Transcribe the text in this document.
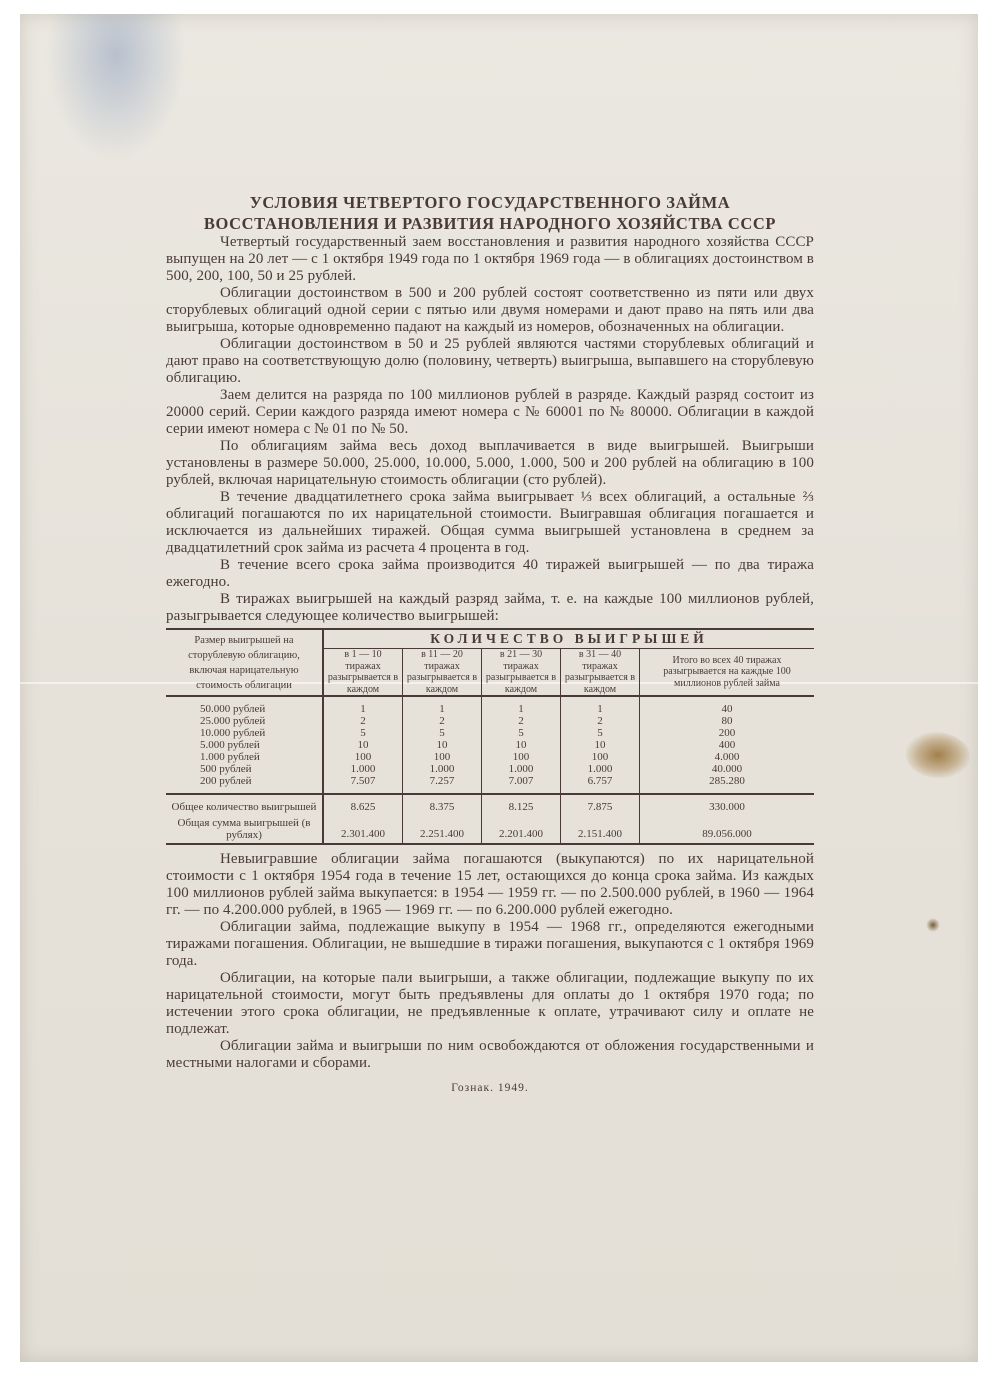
УСЛОВИЯ ЧЕТВЕРТОГО ГОСУДАРСТВЕННОГО ЗАЙМА
ВОССТАНОВЛЕНИЯ И РАЗВИТИЯ НАРОДНОГО ХОЗЯЙСТВА СССР

Четвертый государственный заем восстановления и развития народного хозяйства СССР выпущен на 20 лет — с 1 октября 1949 года по 1 октября 1969 года — в облигациях достоинством в 500, 200, 100, 50 и 25 рублей.

Облигации достоинством в 500 и 200 рублей состоят соответственно из пяти или двух сторублевых облигаций одной серии с пятью или двумя номерами и дают право на пять или два выигрыша, которые одновременно падают на каждый из номеров, обозначенных на облигации.

Облигации достоинством в 50 и 25 рублей являются частями сторублевых облигаций и дают право на соответствующую долю (половину, четверть) выигрыша, выпавшего на сторублевую облигацию.

Заем делится на разряда по 100 миллионов рублей в разряде. Каждый разряд состоит из 20000 серий. Серии каждого разряда имеют номера с № 60001 по № 80000. Облигации в каждой серии имеют номера с № 01 по № 50.

По облигациям займа весь доход выплачивается в виде выигрышей. Выигрыши установлены в размере 50.000, 25.000, 10.000, 5.000, 1.000, 500 и 200 рублей на облигацию в 100 рублей, включая нарицательную стоимость облигации (сто рублей).

В течение двадцатилетнего срока займа выигрывает ⅓ всех облигаций, а остальные ⅔ облигаций погашаются по их нарицательной стоимости. Выигравшая облигация погашается и исключается из дальнейших тиражей. Общая сумма выигрышей установлена в среднем за двадцатилетний срок займа из расчета 4 процента в год.

В течение всего срока займа производится 40 тиражей выигрышей — по два тиража ежегодно.

В тиражах выигрышей на каждый разряд займа, т. е. на каждые 100 миллионов рублей, разыгрывается следующее количество выигрышей:

Размер выигрышей на сторублевую облигацию, включая нарицательную стоимость облигации	КОЛИЧЕСТВО ВЫИГРЫШЕЙ				
	в 1 — 10 тиражах разыгрывается в каждом	в 11 — 20 тиражах разыгрывается в каждом	в 21 — 30 тиражах разыгрывается в каждом	в 31 — 40 тиражах разыгрывается в каждом	Итого во всех 40 тиражах разыгрывается на каждые 100 миллионов рублей займа
50.000 рублей	1	1	1	1	40
25.000 рублей	2	2	2	2	80
10.000 рублей	5	5	5	5	200
5.000 рублей	10	10	10	10	400
1.000 рублей	100	100	100	100	4.000
500 рублей	1.000	1.000	1.000	1.000	40.000
200 рублей	7.507	7.257	7.007	6.757	285.280
Общее количество выигрышей	8.625	8.375	8.125	7.875	330.000
Общая сумма выигрышей (в рублях)	2.301.400	2.251.400	2.201.400	2.151.400	89.056.000

Невыигравшие облигации займа погашаются (выкупаются) по их нарицательной стоимости с 1 октября 1954 года в течение 15 лет, остающихся до конца срока займа. Из каждых 100 миллионов рублей займа выкупается: в 1954 — 1959 гг. — по 2.500.000 рублей, в 1960 — 1964 гг. — по 4.200.000 рублей, в 1965 — 1969 гг. — по 6.200.000 рублей ежегодно.

Облигации займа, подлежащие выкупу в 1954 — 1968 гг., определяются ежегодными тиражами погашения. Облигации, не вышедшие в тиражи погашения, выкупаются с 1 октября 1969 года.

Облигации, на которые пали выигрыши, а также облигации, подлежащие выкупу по их нарицательной стоимости, могут быть предъявлены для оплаты до 1 октября 1970 года; по истечении этого срока облигации, не предъявленные к оплате, утрачивают силу и оплате не подлежат.

Облигации займа и выигрыши по ним освобождаются от обложения государственными и местными налогами и сборами.

Гознак. 1949.
